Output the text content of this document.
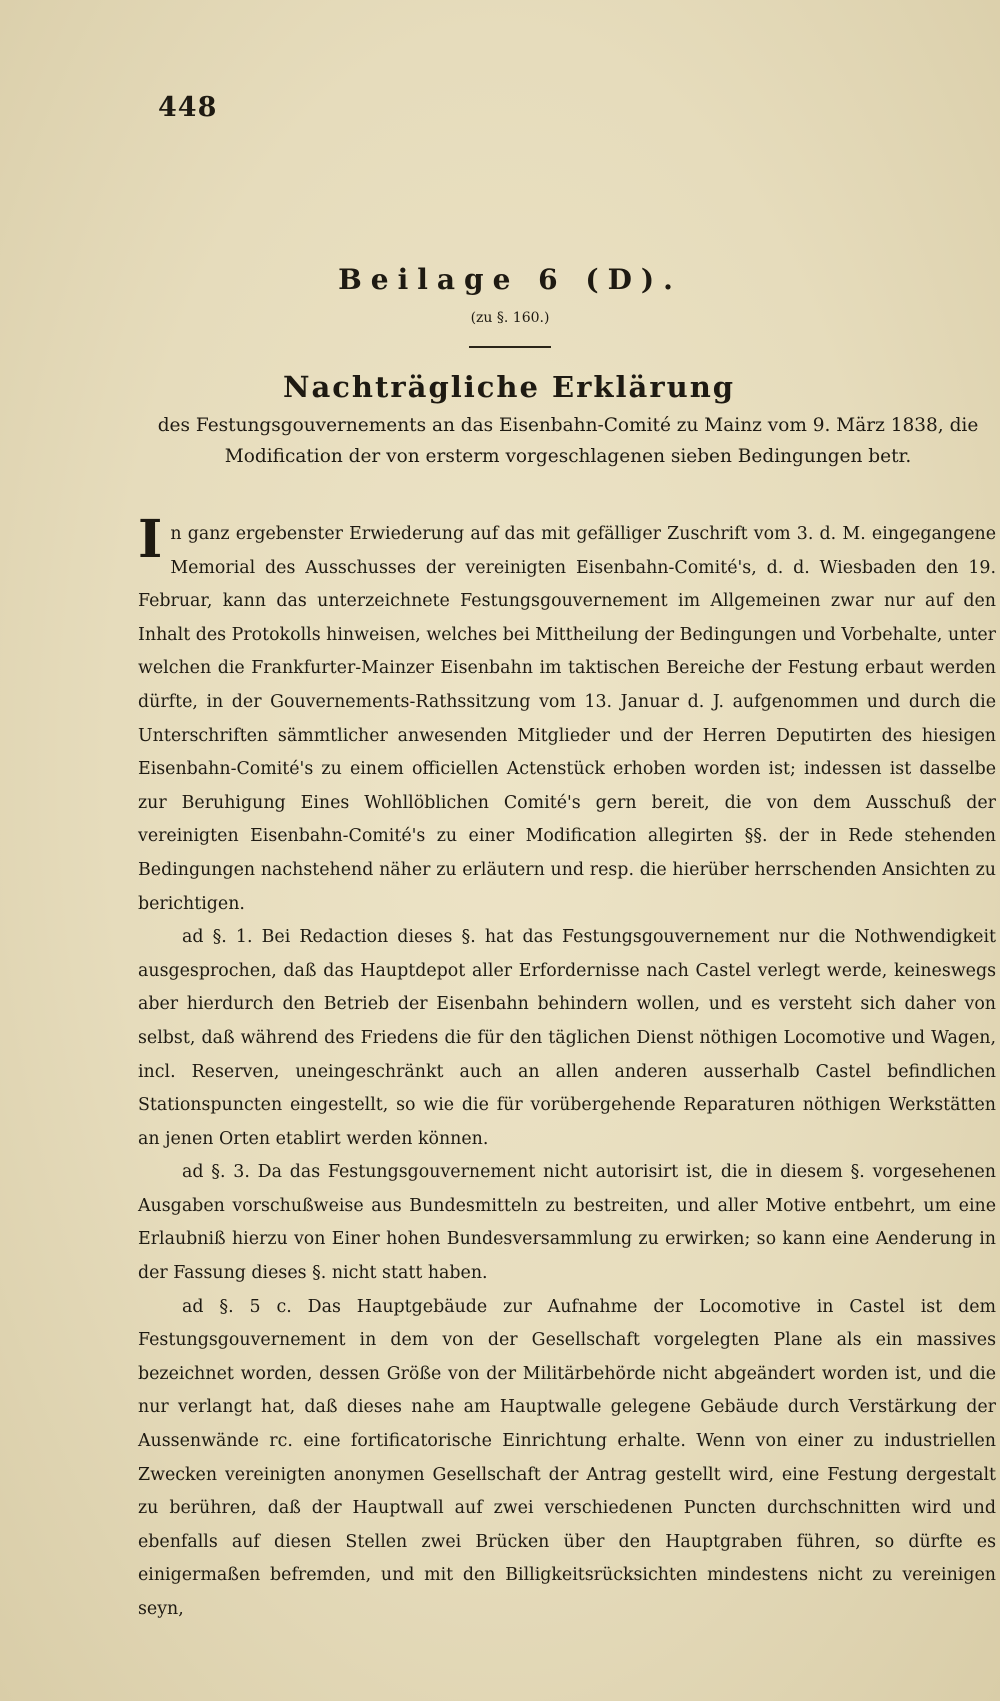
448
Beilage 6 (D).
(zu §. 160.)
Nachträgliche Erklärung
des Festungsgouvernements an das Eisenbahn-Comité zu Mainz vom 9. März 1838, die Modification der von ersterm vorgeschlagenen sieben Bedingungen betr.

In ganz ergebenster Erwiederung auf das mit gefälliger Zuschrift vom 3. d. M. eingegangene Memorial des Ausschusses der vereinigten Eisenbahn-Comité's, d. d. Wiesbaden den 19. Februar, kann das unterzeichnete Festungsgouvernement im Allgemeinen zwar nur auf den Inhalt des Protokolls hinweisen, welches bei Mittheilung der Bedingungen und Vorbehalte, unter welchen die Frankfurter-Mainzer Eisenbahn im taktischen Bereiche der Festung erbaut werden dürfte, in der Gouvernements-Rathssitzung vom 13. Januar d. J. aufgenommen und durch die Unterschriften sämmtlicher anwesenden Mitglieder und der Herren Deputirten des hiesigen Eisenbahn-Comité's zu einem officiellen Actenstück erhoben worden ist; indessen ist dasselbe zur Beruhigung Eines Wohllöblichen Comité's gern bereit, die von dem Ausschuß der vereinigten Eisenbahn-Comité's zu einer Modification allegirten §§. der in Rede stehenden Bedingungen nachstehend näher zu erläutern und resp. die hierüber herrschenden Ansichten zu berichtigen.

ad §. 1. Bei Redaction dieses §. hat das Festungsgouvernement nur die Nothwendigkeit ausgesprochen, daß das Hauptdepot aller Erfordernisse nach Castel verlegt werde, keineswegs aber hierdurch den Betrieb der Eisenbahn behindern wollen, und es versteht sich daher von selbst, daß während des Friedens die für den täglichen Dienst nöthigen Locomotive und Wagen, incl. Reserven, uneingeschränkt auch an allen anderen ausserhalb Castel befindlichen Stationspuncten eingestellt, so wie die für vorübergehende Reparaturen nöthigen Werkstätten an jenen Orten etablirt werden können.

ad §. 3. Da das Festungsgouvernement nicht autorisirt ist, die in diesem §. vorgesehenen Ausgaben vorschußweise aus Bundesmitteln zu bestreiten, und aller Motive entbehrt, um eine Erlaubniß hierzu von Einer hohen Bundesversammlung zu erwirken; so kann eine Aenderung in der Fassung dieses §. nicht statt haben.

ad §. 5 c. Das Hauptgebäude zur Aufnahme der Locomotive in Castel ist dem Festungsgouvernement in dem von der Gesellschaft vorgelegten Plane als ein massives bezeichnet worden, dessen Größe von der Militärbehörde nicht abgeändert worden ist, und die nur verlangt hat, daß dieses nahe am Hauptwalle gelegene Gebäude durch Verstärkung der Aussenwände rc. eine fortificatorische Einrichtung erhalte. Wenn von einer zu industriellen Zwecken vereinigten anonymen Gesellschaft der Antrag gestellt wird, eine Festung dergestalt zu berühren, daß der Hauptwall auf zwei verschiedenen Puncten durchschnitten wird und ebenfalls auf diesen Stellen zwei Brücken über den Hauptgraben führen, so dürfte es einigermaßen befremden, und mit den Billigkeitsrücksichten mindestens nicht zu vereinigen seyn,
